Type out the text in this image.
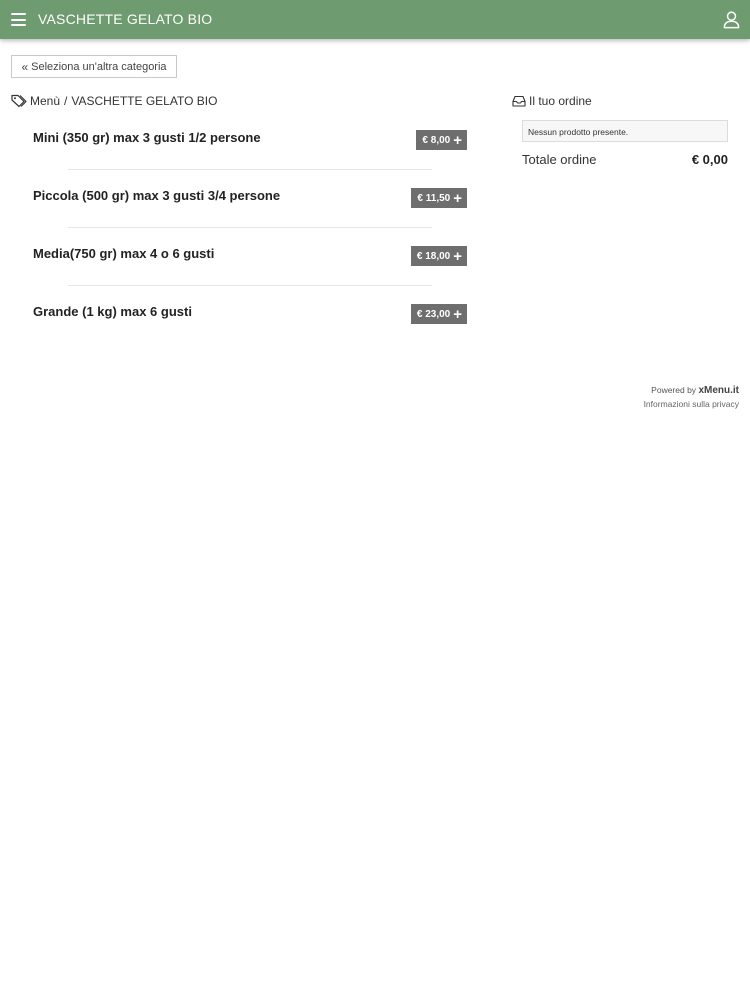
VASCHETTE GELATO BIO
« Seleziona un'altra categoria
Menù / VASCHETTE GELATO BIO
Mini (350 gr) max 3 gusti 1/2 persone	€ 8,00 +
Piccola (500 gr) max 3 gusti 3/4 persone	€ 11,50 +
Media(750 gr) max 4 o 6 gusti	€ 18,00 +
Grande (1 kg) max 6 gusti	€ 23,00 +
Il tuo ordine
Nessun prodotto presente.
Totale ordine	€ 0,00
Powered by xMenu.it
Informazioni sulla privacy
